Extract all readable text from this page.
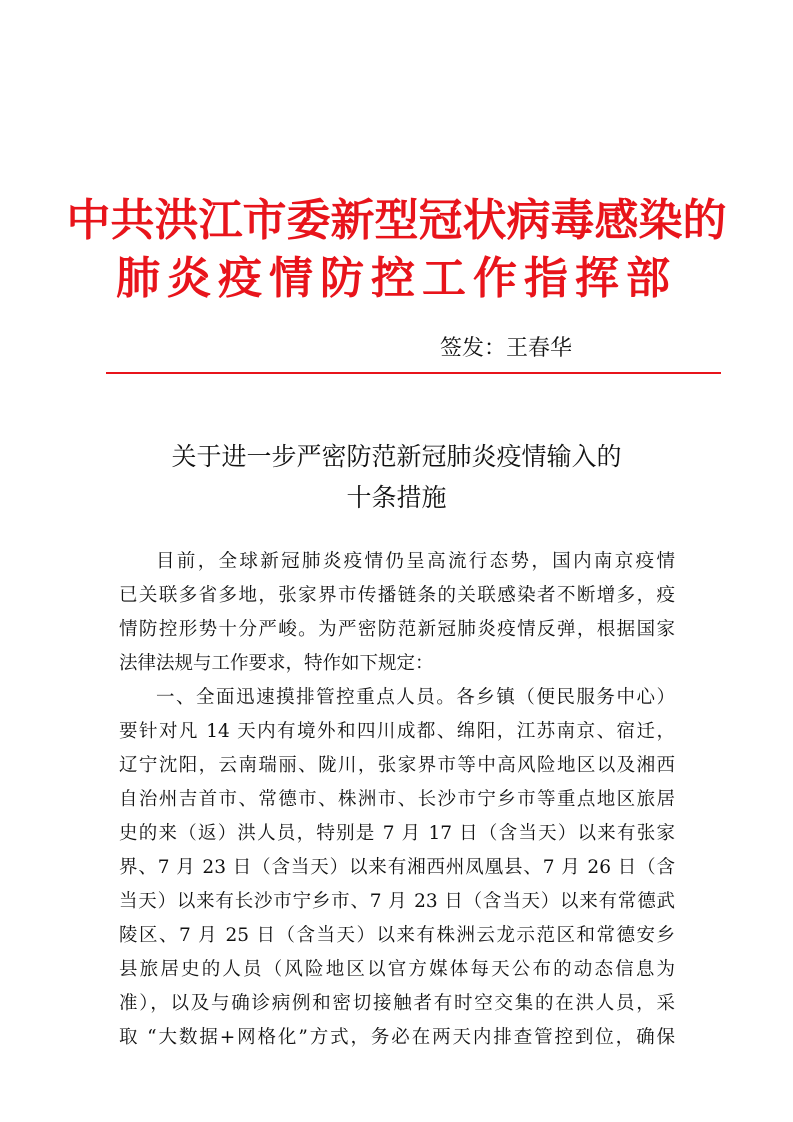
中共洪江市委新型冠状病毒感染的
肺炎疫情防控工作指挥部
签发：王春华
关于进一步严密防范新冠肺炎疫情输入的
十条措施
目前，全球新冠肺炎疫情仍呈高流行态势，国内南京疫情
已关联多省多地，张家界市传播链条的关联感染者不断增多，疫
情防控形势十分严峻。为严密防范新冠肺炎疫情反弹，根据国家
法律法规与工作要求，特作如下规定：
一、全面迅速摸排管控重点人员。各乡镇（便民服务中心）
要针对凡 14 天内有境外和四川成都、绵阳，江苏南京、宿迁，
辽宁沈阳，云南瑞丽、陇川，张家界市等中高风险地区以及湘西
自治州吉首市、常德市、株洲市、长沙市宁乡市等重点地区旅居
史的来（返）洪人员，特别是 7 月 17 日（含当天）以来有张家
界、7 月 23 日（含当天）以来有湘西州凤凰县、7 月 26 日（含
当天）以来有长沙市宁乡市、7 月 23 日（含当天）以来有常德武
陵区、7 月 25 日（含当天）以来有株洲云龙示范区和常德安乡
县旅居史的人员（风险地区以官方媒体每天公布的动态信息为
准），以及与确诊病例和密切接触者有时空交集的在洪人员，采
取 “大数据+网格化”方式，务必在两天内排查管控到位，确保
